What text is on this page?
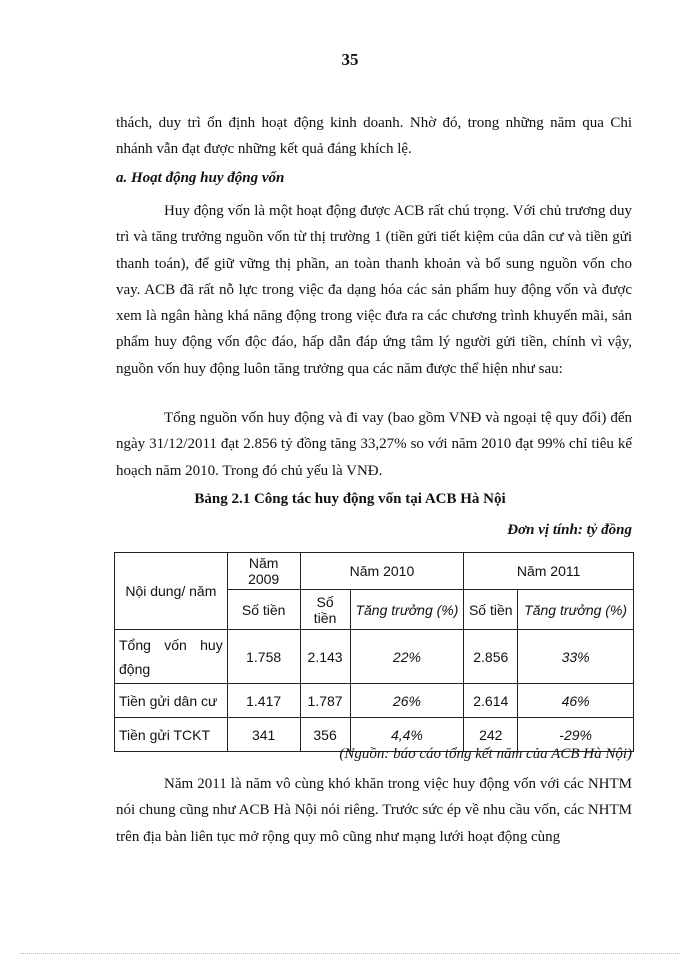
35

thách, duy trì ổn định hoạt động kinh doanh. Nhờ đó, trong những năm qua Chi nhánh vẫn đạt được những kết quả đáng khích lệ.

a. Hoạt động huy động vốn

Huy động vốn là một hoạt động được ACB rất chú trọng. Với chủ trương duy trì và tăng trưởng nguồn vốn từ thị trường 1 (tiền gửi tiết kiệm của dân cư và tiền gửi thanh toán), để giữ vững thị phần, an toàn thanh khoản và bổ sung nguồn vốn cho vay. ACB đã rất nỗ lực trong việc đa dạng hóa các sản phẩm huy động vốn và được xem là ngân hàng khá năng động trong việc đưa ra các chương trình khuyến mãi, sản phẩm huy động vốn độc đáo, hấp dẫn đáp ứng tâm lý người gửi tiền, chính vì vậy, nguồn vốn huy động luôn tăng trưởng qua các năm được thể hiện như sau:

Tổng nguồn vốn huy động và đi vay (bao gồm VNĐ và ngoại tệ quy đổi) đến ngày 31/12/2011 đạt 2.856 tỷ đồng tăng 33,27% so với năm 2010 đạt 99% chỉ tiêu kế hoạch năm 2010. Trong đó chủ yếu là VNĐ.

Bảng 2.1 Công tác huy động vốn tại ACB Hà Nội

Đơn vị tính: tỷ đồng

Nội dung/ năm	Năm 2009	Năm 2010		Năm 2011	
	Số tiền	Số tiền	Tăng trưởng (%)	Số tiền	Tăng trưởng (%)

Tổng vốn huy động	1.758	2.143	22%	2.856	33%
Tiền gửi dân cư	1.417	1.787	26%	2.614	46%
Tiền gửi TCKT	341	356	4,4%	242	-29%

(Nguồn: báo cáo tổng kết năm của ACB Hà Nội)

Năm 2011 là năm vô cùng khó khăn trong việc huy động vốn với các NHTM nói chung cũng như ACB Hà Nội nói riêng. Trước sức ép về nhu cầu vốn, các NHTM trên địa bàn liên tục mở rộng quy mô cũng như mạng lưới hoạt động cùng
